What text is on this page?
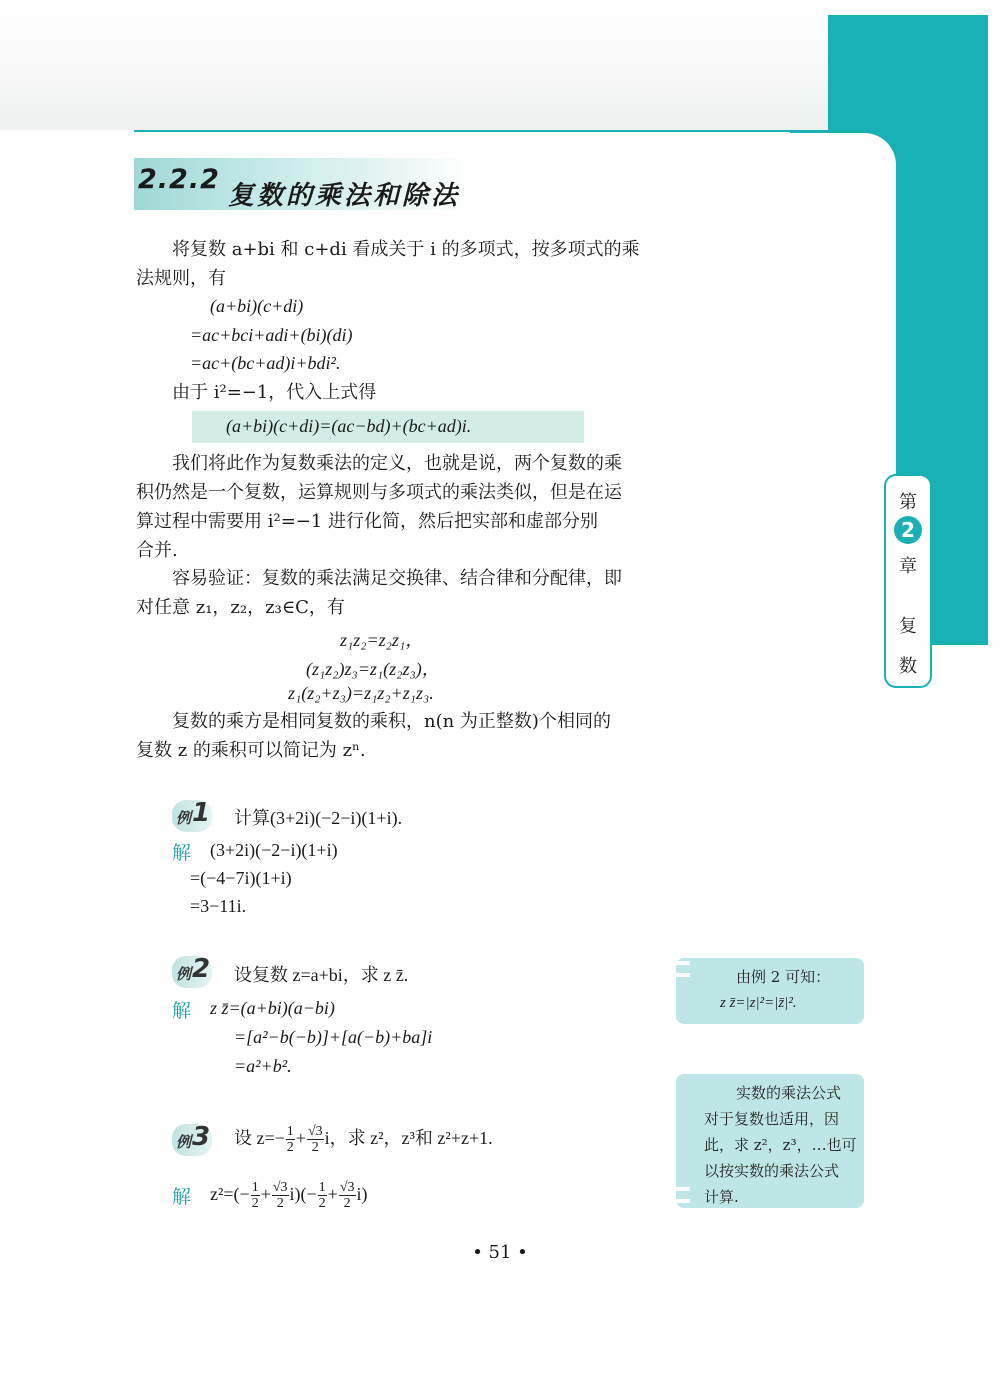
第
2
章
复
数
2.2.2
复数的乘法和除法
将复数 a+bi 和 c+di 看成关于 i 的多项式，按多项式的乘
法规则，有
(a+bi)(c+di)
=ac+bci+adi+(bi)(di)
=ac+(bc+ad)i+bdi².
由于 i²=−1，代入上式得
(a+bi)(c+di)=(ac−bd)+(bc+ad)i.
我们将此作为复数乘法的定义，也就是说，两个复数的乘
积仍然是一个复数，运算规则与多项式的乘法类似，但是在运
算过程中需要用 i²=−1 进行化简，然后把实部和虚部分别
合并.
容易验证：复数的乘法满足交换律、结合律和分配律，即
对任意 z₁，z₂，z₃∈C，有
z₁z₂=z₂z₁，
(z₁z₂)z₃=z₁(z₂z₃)，
z₁(z₂+z₃)=z₁z₂+z₁z₃.
复数的乘方是相同复数的乘积，n(n 为正整数)个相同的
复数 z 的乘积可以简记为 zⁿ.
例 1 计算(3+2i)(−2−i)(1+i).
解 (3+2i)(−2−i)(1+i)
=(−4−7i)(1+i)
=3−11i.
例 2 设复数 z=a+bi，求 z z̄.
解 z z̄=(a+bi)(a−bi)
=[a²−b(−b)]+[a(−b)+ba]i
=a²+b².
例 3 设 $z=- \frac{1}{2} + \frac{√3}{2}$ i，求 z²，z³和 z²+z+1.
解 $z^2=(- \frac{1}{2} + \frac{√3}{2} i)(- \frac{1}{2} + \frac{√3}{2} i)$
由例 2 可知：
z z̄=|z|²=|z̄|².
实数的乘法公式
对于复数也适用，因
此，求 z²，z³，…也可
以按实数的乘法公式
计算.
• 51 •
